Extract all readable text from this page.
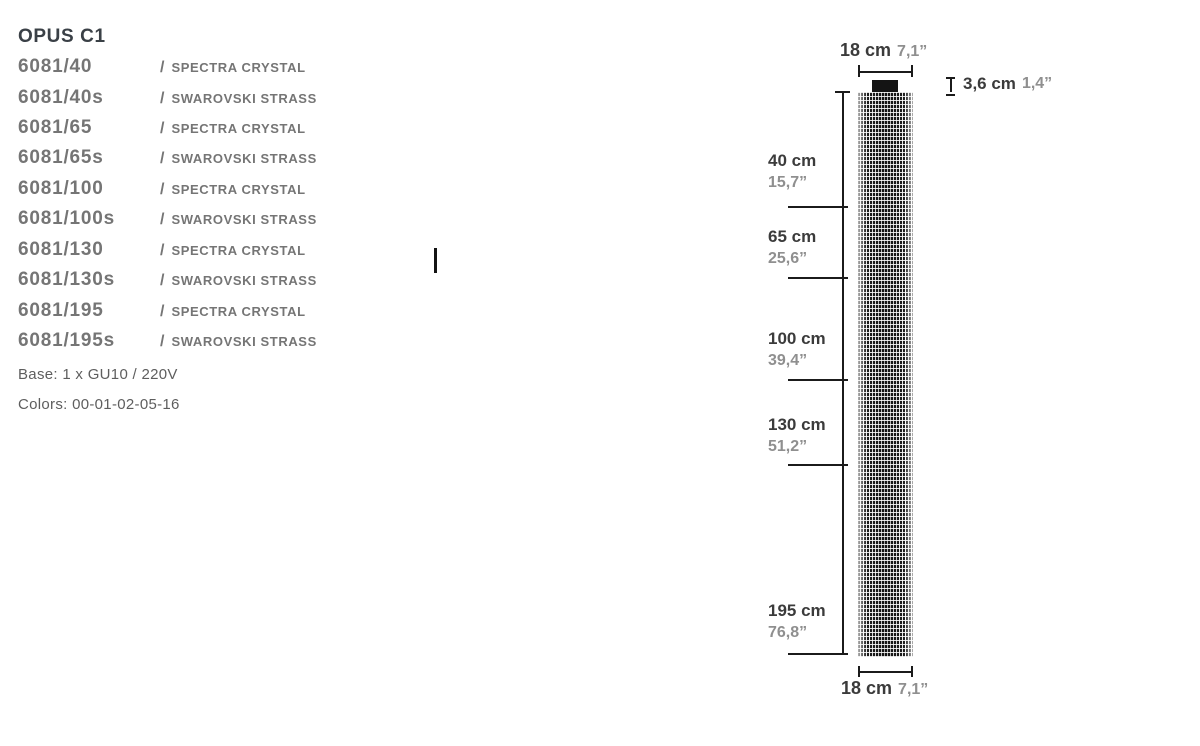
OPUS C1
6081/40	/ SPECTRA CRYSTAL
6081/40s	/ SWAROVSKI STRASS
6081/65	/ SPECTRA CRYSTAL
6081/65s	/ SWAROVSKI STRASS
6081/100	/ SPECTRA CRYSTAL
6081/100s	/ SWAROVSKI STRASS
6081/130	/ SPECTRA CRYSTAL
6081/130s	/ SWAROVSKI STRASS
6081/195	/ SPECTRA CRYSTAL
6081/195s	/ SWAROVSKI STRASS
Base: 1 x GU10 / 220V
Colors: 00-01-02-05-16
18 cm 7,1”
3,6 cm 1,4”
40 cm
15,7”
65 cm
25,6”
100 cm
39,4”
130 cm
51,2”
195 cm
76,8”
18 cm 7,1”
